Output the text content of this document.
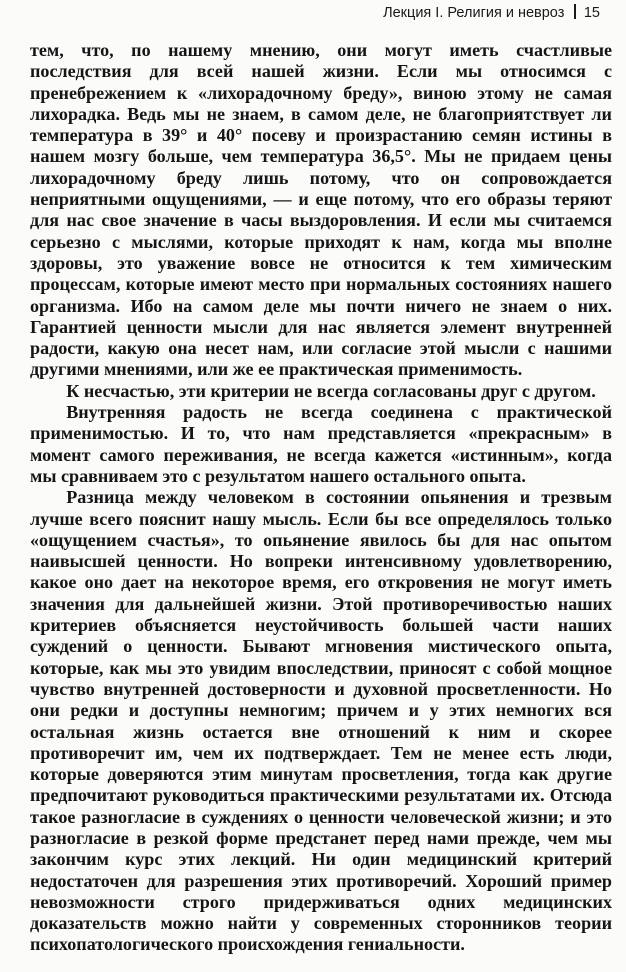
Лекция I. Религия и невроз 15

тем, что, по нашему мнению, они могут иметь счастливые последствия для всей нашей жизни. Если мы относимся с пренебрежением к «лихорадочному бреду», виною этому не самая лихорадка. Ведь мы не знаем, в самом деле, не благоприятствует ли температура в 39° и 40° посеву и произрастанию семян истины в нашем мозгу больше, чем температура 36,5°. Мы не придаем цены лихорадочному бреду лишь потому, что он сопровождается неприятными ощущениями, — и еще потому, что его образы теряют для нас свое значение в часы выздоровления. И если мы считаемся серьезно с мыслями, которые приходят к нам, когда мы вполне здоровы, это уважение вовсе не относится к тем химическим процессам, которые имеют место при нормальных состояниях нашего организма. Ибо на самом деле мы почти ничего не знаем о них. Гарантией ценности мысли для нас является элемент внутренней радости, какую она несет нам, или согласие этой мысли с нашими другими мнениями, или же ее практическая применимость.

К несчастью, эти критерии не всегда согласованы друг с другом.

Внутренняя радость не всегда соединена с практической применимостью. И то, что нам представляется «прекрасным» в момент самого переживания, не всегда кажется «истинным», когда мы сравниваем это с результатом нашего остального опыта.

Разница между человеком в состоянии опьянения и трезвым лучше всего пояснит нашу мысль. Если бы все определялось только «ощущением счастья», то опьянение явилось бы для нас опытом наивысшей ценности. Но вопреки интенсивному удовлетворению, какое оно дает на некоторое время, его откровения не могут иметь значения для дальнейшей жизни. Этой противоречивостью наших критериев объясняется неустойчивость большей части наших суждений о ценности. Бывают мгновения мистического опыта, которые, как мы это увидим впоследствии, приносят с собой мощное чувство внутренней достоверности и духовной просветленности. Но они редки и доступны немногим; причем и у этих немногих вся остальная жизнь остается вне отношений к ним и скорее противоречит им, чем их подтверждает. Тем не менее есть люди, которые доверяются этим минутам просветления, тогда как другие предпочитают руководиться практическими результатами их. Отсюда такое разногласие в суждениях о ценности человеческой жизни; и это разногласие в резкой форме предстанет перед нами прежде, чем мы закончим курс этих лекций. Ни один медицинский критерий недостаточен для разрешения этих противоречий. Хороший пример невозможности строго придерживаться одних медицинских доказательств можно найти у современных сторонников теории психопатологического происхождения гениальности.
